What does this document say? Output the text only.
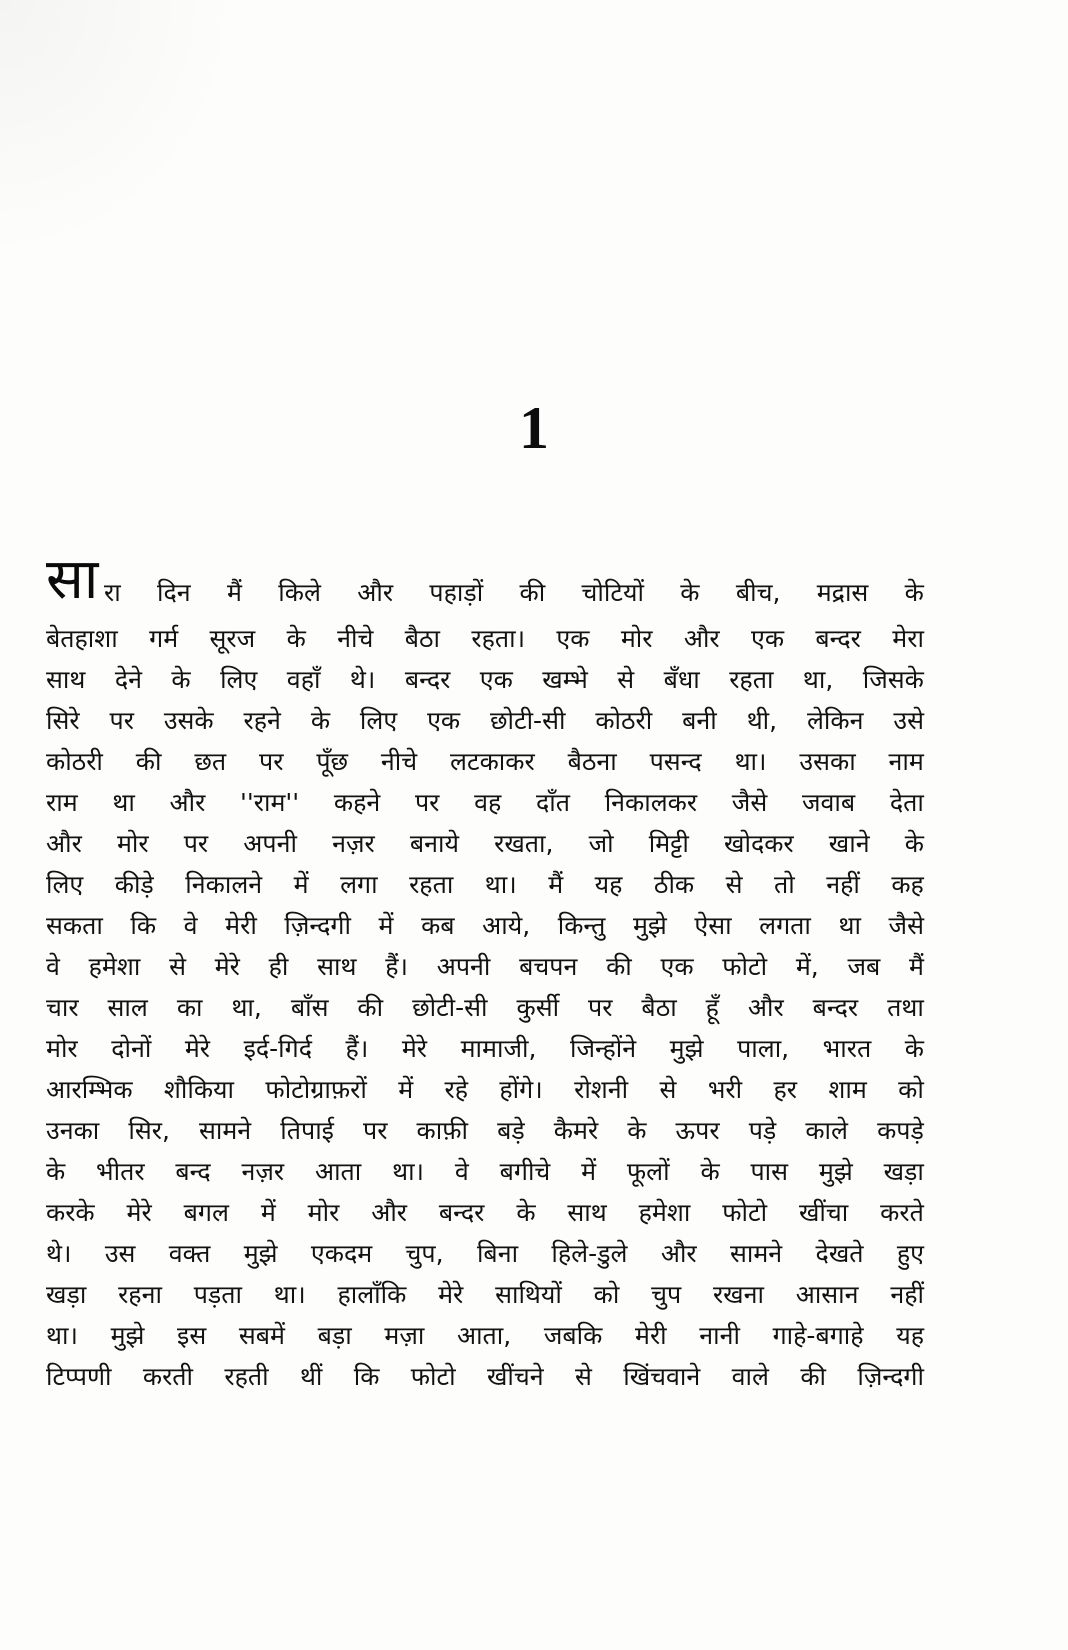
1
सा रा दिन मैं किले और पहाड़ों की चोटियों के बीच, मद्रास के
बेतहाशा गर्म सूरज के नीचे बैठा रहता। एक मोर और एक बन्दर मेरा
साथ देने के लिए वहाँ थे। बन्दर एक खम्भे से बँधा रहता था, जिसके
सिरे पर उसके रहने के लिए एक छोटी-सी कोठरी बनी थी, लेकिन उसे
कोठरी की छत पर पूँछ नीचे लटकाकर बैठना पसन्द था। उसका नाम
राम था और ''राम'' कहने पर वह दाँत निकालकर जैसे जवाब देता
और मोर पर अपनी नज़र बनाये रखता, जो मिट्टी खोदकर खाने के
लिए कीड़े निकालने में लगा रहता था। मैं यह ठीक से तो नहीं कह
सकता कि वे मेरी ज़िन्दगी में कब आये, किन्तु मुझे ऐसा लगता था जैसे
वे हमेशा से मेरे ही साथ हैं। अपनी बचपन की एक फोटो में, जब मैं
चार साल का था, बाँस की छोटी-सी कुर्सी पर बैठा हूँ और बन्दर तथा
मोर दोनों मेरे इर्द-गिर्द हैं। मेरे मामाजी, जिन्होंने मुझे पाला, भारत के
आरम्भिक शौकिया फोटोग्राफ़रों में रहे होंगे। रोशनी से भरी हर शाम को
उनका सिर, सामने तिपाई पर काफ़ी बड़े कैमरे के ऊपर पड़े काले कपड़े
के भीतर बन्द नज़र आता था। वे बगीचे में फूलों के पास मुझे खड़ा
करके मेरे बगल में मोर और बन्दर के साथ हमेशा फोटो खींचा करते
थे। उस वक्त मुझे एकदम चुप, बिना हिले-डुले और सामने देखते हुए
खड़ा रहना पड़ता था। हालाँकि मेरे साथियों को चुप रखना आसान नहीं
था। मुझे इस सबमें बड़ा मज़ा आता, जबकि मेरी नानी गाहे-बगाहे यह
टिप्पणी करती रहती थीं कि फोटो खींचने से खिंचवाने वाले की ज़िन्दगी
